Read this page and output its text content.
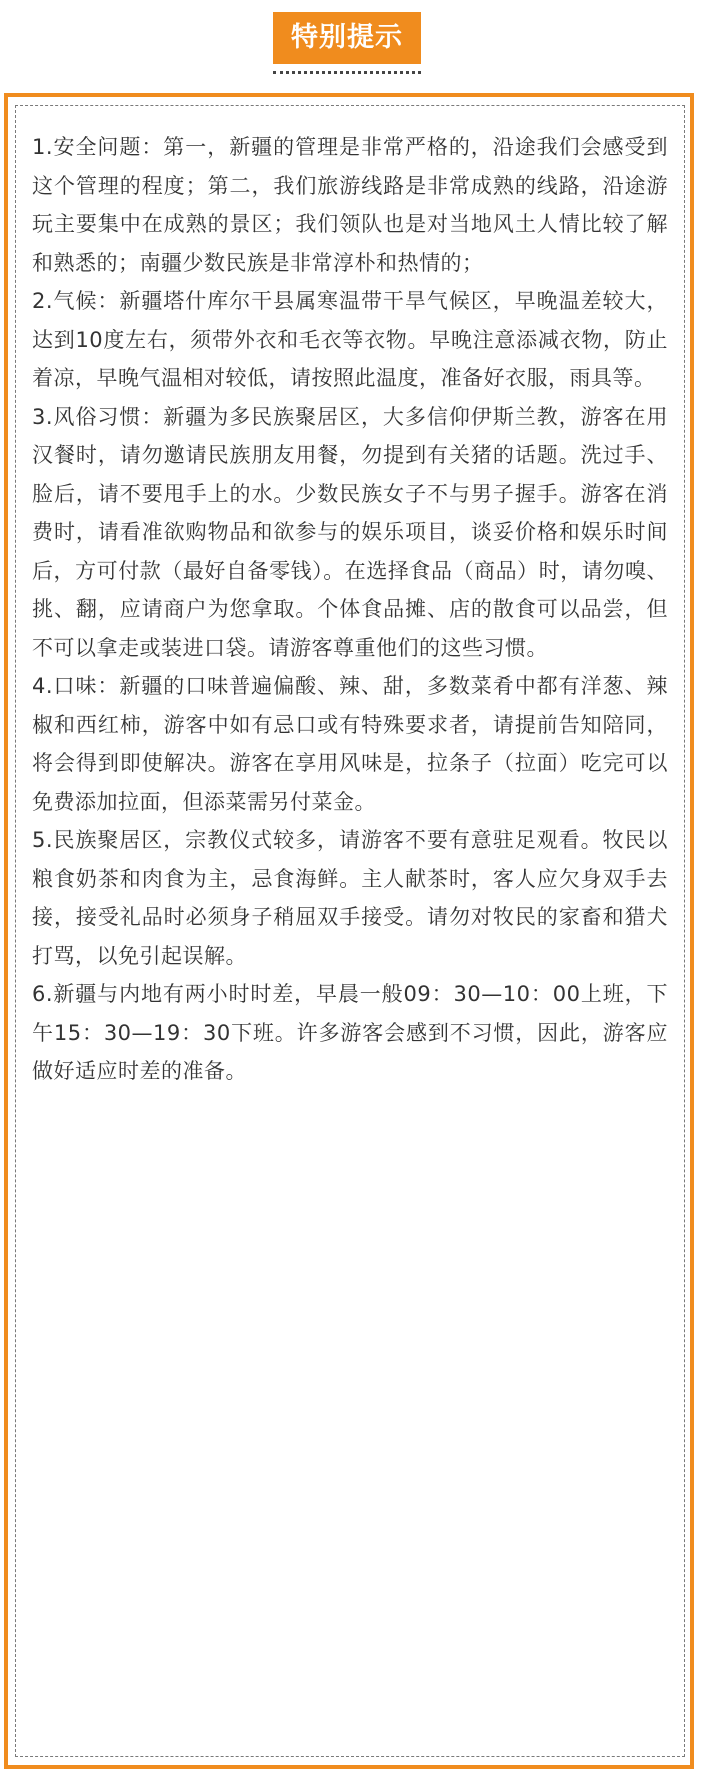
特别提示

1.安全问题：第一，新疆的管理是非常严格的，沿途我们会感受到这个管理的程度；第二，我们旅游线路是非常成熟的线路，沿途游玩主要集中在成熟的景区；我们领队也是对当地风土人情比较了解和熟悉的；南疆少数民族是非常淳朴和热情的；

2.气候：新疆塔什库尔干县属寒温带干旱气候区，早晚温差较大，达到10度左右，须带外衣和毛衣等衣物。早晚注意添减衣物，防止着凉，早晚气温相对较低，请按照此温度，准备好衣服，雨具等。

3.风俗习惯：新疆为多民族聚居区，大多信仰伊斯兰教，游客在用汉餐时，请勿邀请民族朋友用餐，勿提到有关猪的话题。洗过手、脸后，请不要甩手上的水。少数民族女子不与男子握手。游客在消费时，请看准欲购物品和欲参与的娱乐项目，谈妥价格和娱乐时间后，方可付款（最好自备零钱）。在选择食品（商品）时，请勿嗅、挑、翻，应请商户为您拿取。个体食品摊、店的散食可以品尝，但不可以拿走或装进口袋。请游客尊重他们的这些习惯。

4.口味：新疆的口味普遍偏酸、辣、甜，多数菜肴中都有洋葱、辣椒和西红柿，游客中如有忌口或有特殊要求者，请提前告知陪同，将会得到即使解决。游客在享用风味是，拉条子（拉面）吃完可以免费添加拉面，但添菜需另付菜金。

5.民族聚居区，宗教仪式较多，请游客不要有意驻足观看。牧民以粮食奶茶和肉食为主，忌食海鲜。主人献茶时，客人应欠身双手去接，接受礼品时必须身子稍屈双手接受。请勿对牧民的家畜和猎犬打骂，以免引起误解。

6.新疆与内地有两小时时差，早晨一般09：30—10：00上班，下午15：30—19：30下班。许多游客会感到不习惯，因此，游客应做好适应时差的准备。
